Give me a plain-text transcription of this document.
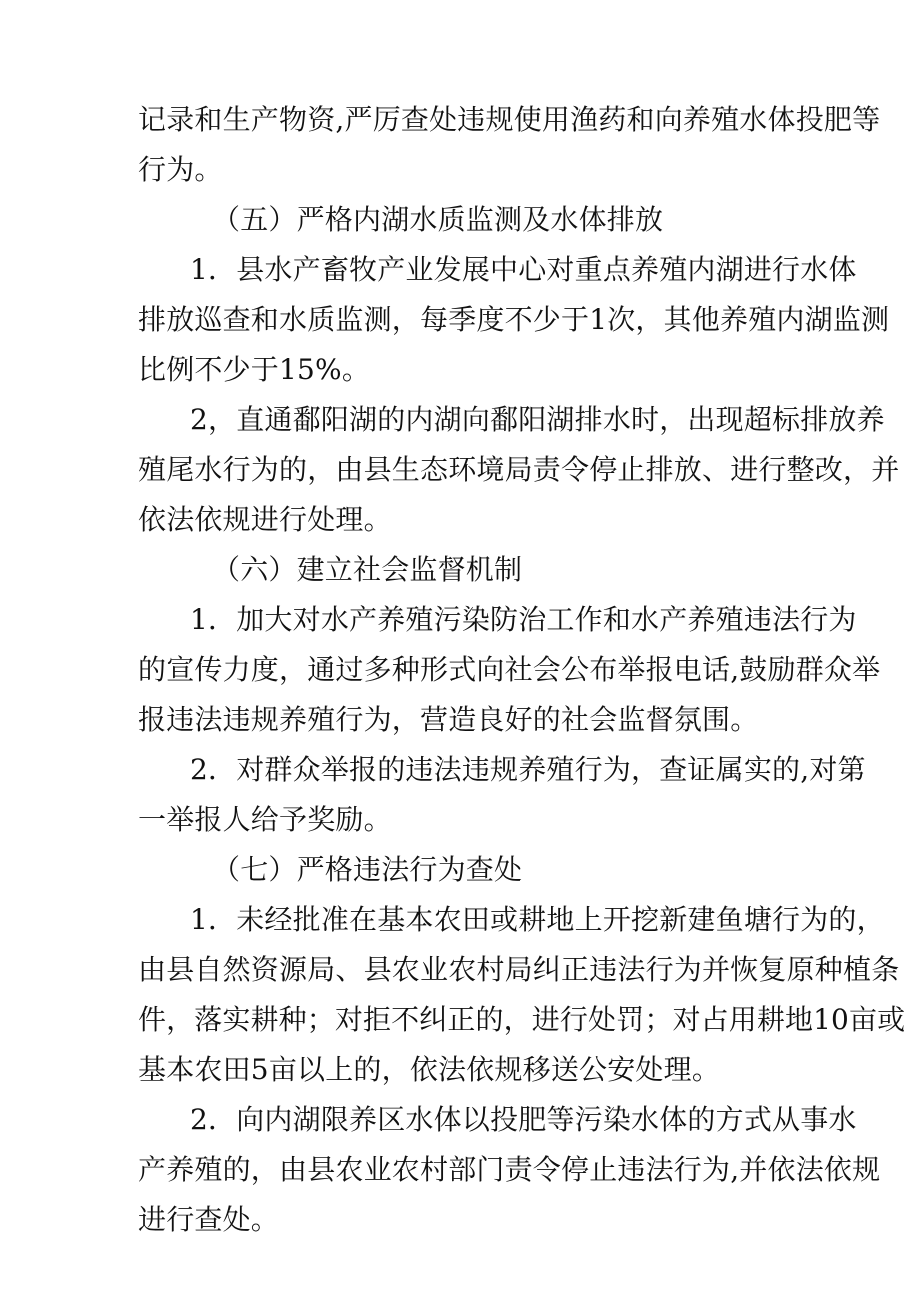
记录和生产物资,严厉查处违规使用渔药和向养殖水体投肥等

行为。

（五）严格内湖水质监测及水体排放

1．县水产畜牧产业发展中心对重点养殖内湖进行水体

排放巡查和水质监测，每季度不少于1次，其他养殖内湖监测

比例不少于15%。

2，直通鄱阳湖的内湖向鄱阳湖排水时，出现超标排放养

殖尾水行为的，由县生态环境局责令停止排放、进行整改，并

依法依规进行处理。

（六）建立社会监督机制

1．加大对水产养殖污染防治工作和水产养殖违法行为

的宣传力度，通过多种形式向社会公布举报电话,鼓励群众举

报违法违规养殖行为，营造良好的社会监督氛围。

2．对群众举报的违法违规养殖行为，查证属实的,对第

一举报人给予奖励。

（七）严格违法行为查处

1．未经批准在基本农田或耕地上开挖新建鱼塘行为的，

由县自然资源局、县农业农村局纠正违法行为并恢复原种植条

件，落实耕种；对拒不纠正的，进行处罚；对占用耕地10亩或

基本农田5亩以上的，依法依规移送公安处理。

2．向内湖限养区水体以投肥等污染水体的方式从事水

产养殖的，由县农业农村部门责令停止违法行为,并依法依规

进行查处。
